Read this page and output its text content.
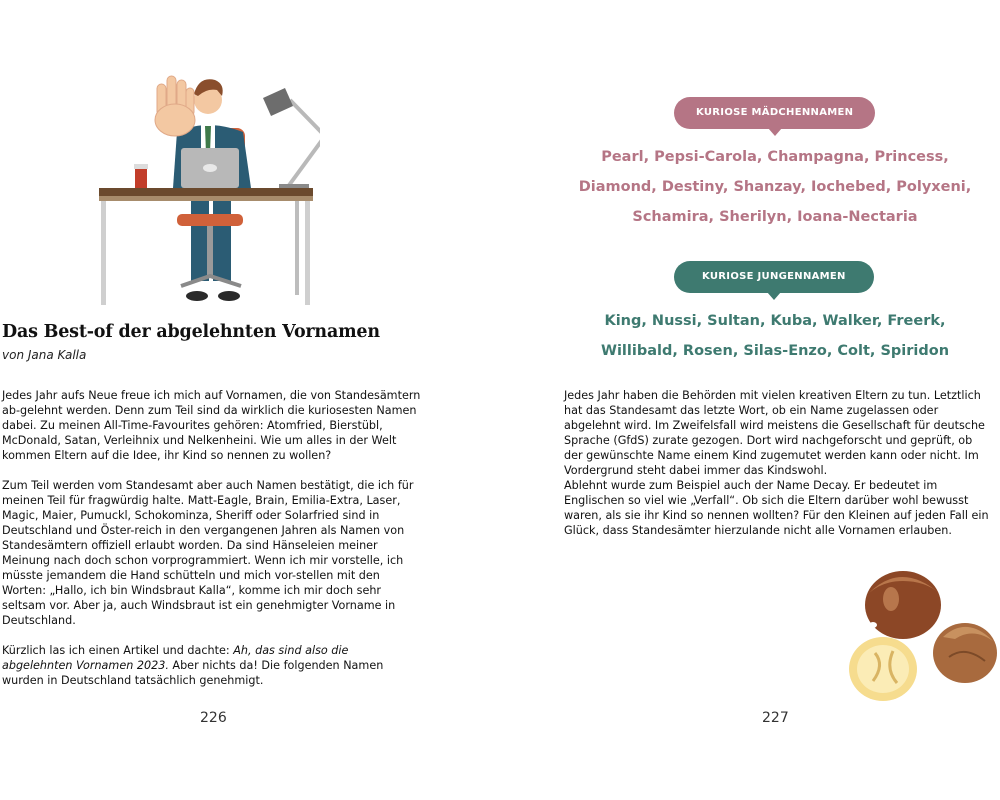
Das Best-of der abgelehnten Vornamen
von Jana Kalla

Jedes Jahr aufs Neue freue ich mich auf Vornamen, die von Standesämtern ab-gelehnt werden. Denn zum Teil sind da wirklich die kuriosesten Namen dabei. Zu meinen All-Time-Favourites gehören: Atomfried, Bierstübl, McDonald, Satan, Verleihnix und Nelkenheini. Wie um alles in der Welt kommen Eltern auf die Idee, ihr Kind so nennen zu wollen?

Zum Teil werden vom Standesamt aber auch Namen bestätigt, die ich für meinen Teil für fragwürdig halte. Matt-Eagle, Brain, Emilia-Extra, Laser, Magic, Maier, Pumuckl, Schokominza, Sheriff oder Solarfried sind in Deutschland und Öster-reich in den vergangenen Jahren als Namen von Standesämtern offiziell erlaubt worden. Da sind Hänseleien meiner Meinung nach doch schon vorprogrammiert. Wenn ich mir vorstelle, ich müsste jemandem die Hand schütteln und mich vor-stellen mit den Worten: „Hallo, ich bin Windsbraut Kalla“, komme ich mir doch sehr seltsam vor. Aber ja, auch Windsbraut ist ein genehmigter Vorname in Deutschland.

Kürzlich las ich einen Artikel und dachte: Ah, das sind also die abgelehnten Vornamen 2023. Aber nichts da! Die folgenden Namen wurden in Deutschland tatsächlich genehmigt.

226
KURIOSE MÄDCHENNAMEN
Pearl, Pepsi-Carola, Champagna, Princess,
Diamond, Destiny, Shanzay, Iochebed, Polyxeni,
Schamira, Sherilyn, Ioana-Nectaria
KURIOSE JUNGENNAMEN
King, Nussi, Sultan, Kuba, Walker, Freerk,
Willibald, Rosen, Silas-Enzo, Colt, Spiridon

Jedes Jahr haben die Behörden mit vielen kreativen Eltern zu tun. Letztlich hat das Standesamt das letzte Wort, ob ein Name zugelassen oder abgelehnt wird. Im Zweifelsfall wird meistens die Gesellschaft für deutsche Sprache (GfdS) zurate gezogen. Dort wird nachgeforscht und geprüft, ob der gewünschte Name einem Kind zugemutet werden kann oder nicht. Im Vordergrund steht dabei immer das Kindswohl.

Ablehnt wurde zum Beispiel auch der Name Decay. Er bedeutet im Englischen so viel wie „Verfall“. Ob sich die Eltern darüber wohl bewusst waren, als sie ihr Kind so nennen wollten? Für den Kleinen auf jeden Fall ein Glück, dass Standesämter hierzulande nicht alle Vornamen erlauben.

227
